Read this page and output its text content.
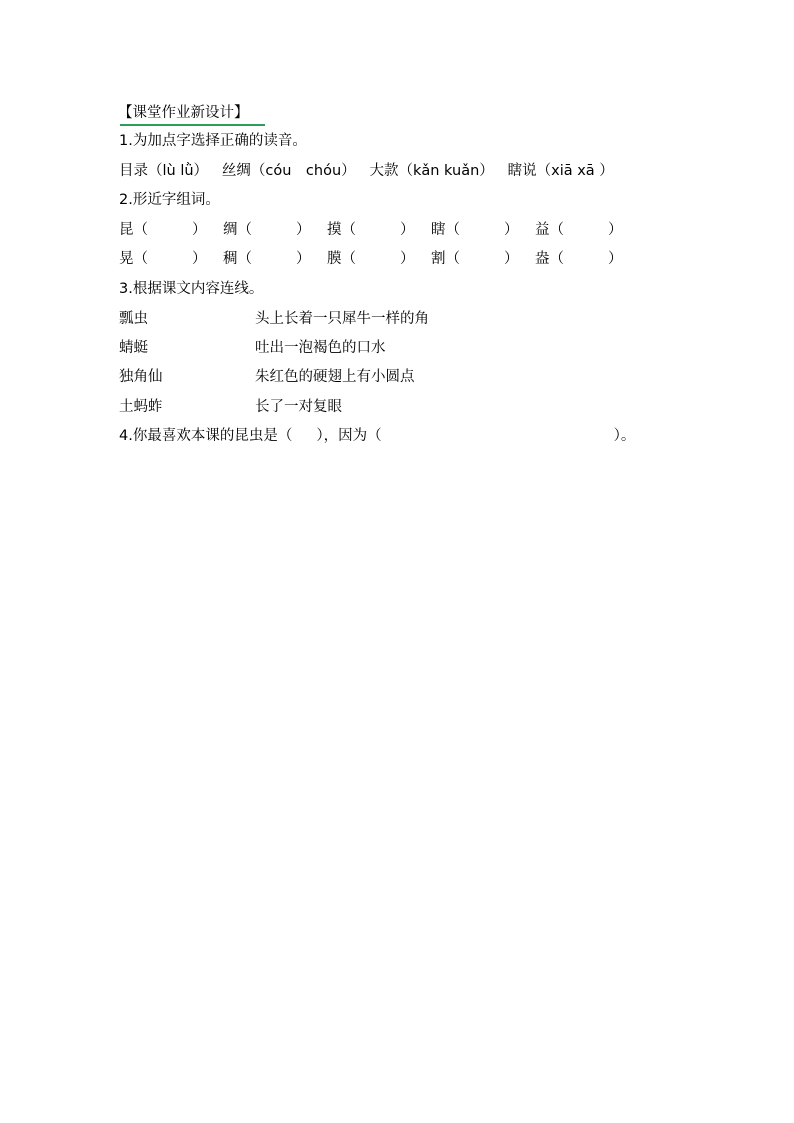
【课堂作业新设计】
1.为加点字选择正确的读音。
目录（lù lǜ） 丝绸（cóu　chóu） 大款（kǎn kuǎn） 瞎说（xiā xā ）
2.形近字组词。
昆（	） 绸（	） 摸（	） 瞎（	） 益（	）
晃（	） 稠（	） 膜（	） 割（	） 盎（	）
3.根据课文内容连线。
瓢虫	头上长着一只犀牛一样的角
蜻蜓	吐出一泡褐色的口水
独角仙	朱红色的硬翅上有小圆点
土蚂蚱	长了一对复眼
4.你最喜欢本课的昆虫是（ ），因为（	）。
